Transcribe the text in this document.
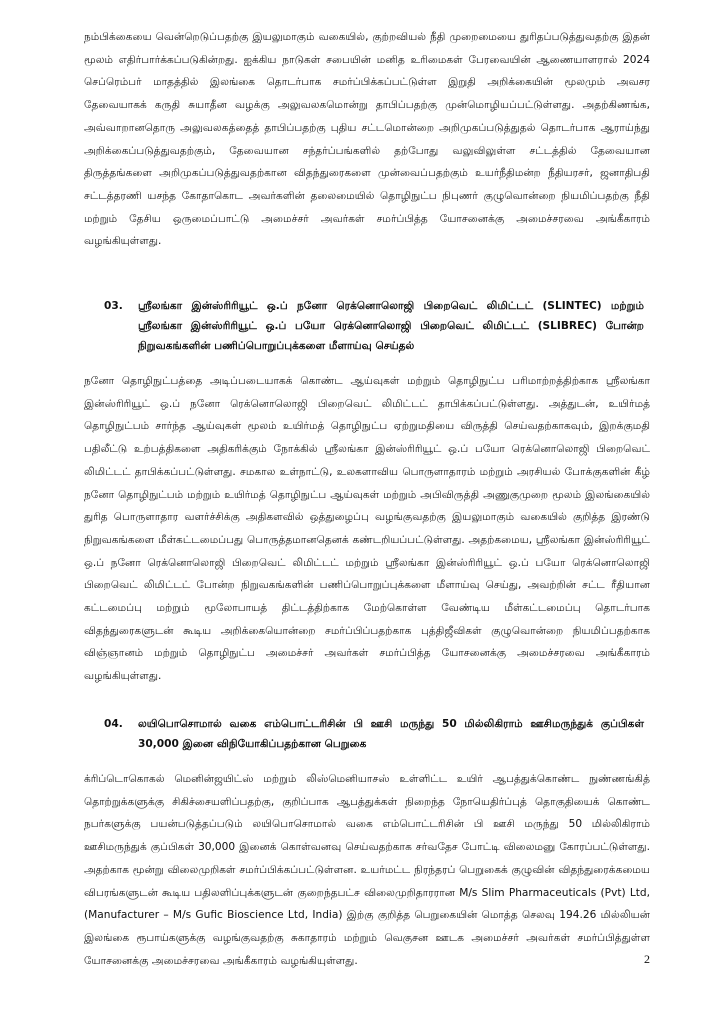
நம்பிக்கையை வென்றெடுப்பதற்கு இயலுமாகும் வகையில், குற்றவியல் நீதி முறைமையை துரிதப்படுத்துவதற்கு இதன் மூலம் எதிர்பார்க்கப்படுகின்றது. ஐக்கிய நாடுகள் சபையின் மனித உரிமைகள் பேரவையின் ஆணையாளரால் 2024 செப்ரெம்பர் மாதத்தில் இலங்கை தொடர்பாக சமர்ப்பிக்கப்பட்டுள்ள இறுதி அறிக்கையின் மூலமும் அவசர தேவையாகக் கருதி சுயாதீன வழக்கு அலுவலகமொன்று தாபிப்பதற்கு முன்மொழியப்பட்டுள்ளது. அதற்கிணங்க, அவ்வாறானதொரு அலுவலகத்தைத் தாபிப்பதற்கு புதிய சட்டமொன்றை அறிமுகப்படுத்துதல் தொடர்பாக ஆராய்ந்து அறிக்கைப்படுத்துவதற்கும், தேவையான சந்தர்ப்பங்களில் தற்போது வலுவிலுள்ள சட்டத்தில் தேவையான திருத்தங்களை அறிமுகப்படுத்துவதற்கான விதந்துரைகளை முன்வைப்பதற்கும் உயர்நீதிமன்ற நீதியரசர், ஜனாதிபதி சட்டத்தரணி யசந்த கோதாகொட அவர்களின் தலைமையில் தொழிநுட்ப நிபுணர் குழுவொன்றை நியமிப்பதற்கு நீதி மற்றும் தேசிய ஒருமைப்பாட்டு அமைச்சர் அவர்கள் சமர்ப்பித்த யோசனைக்கு அமைச்சரவை அங்கீகாரம் வழங்கியுள்ளது.

03.	ஸ்ரீலங்கா இன்ஸ்ரிரியூட் ஒ.ப் நனோ ரெக்னொலொஜி பிறைவெட் லிமிட்டட் (SLINTEC) மற்றும் ஸ்ரீலங்கா இன்ஸ்ரிரியூட் ஒ.ப் பயோ ரெக்னொலொஜி பிறைவெட் லிமிட்டட் (SLIBREC) போன்ற நிறுவகங்களின் பணிப்பொறுப்புக்களை மீளாய்வு செய்தல்

நனோ தொழிநுட்பத்தை அடிப்படையாகக் கொண்ட ஆய்வுகள் மற்றும் தொழிநுட்ப பரிமாற்றத்திற்காக ஸ்ரீலங்கா இன்ஸ்ரிரியூட் ஒ.ப் நனோ ரெக்னொலொஜி பிறைவெட் லிமிட்டட் தாபிக்கப்பட்டுள்ளது. அத்துடன், உயிர்மத் தொழிநுட்பம் சார்ந்த ஆய்வுகள் மூலம் உயிர்மத் தொழிநுட்ப ஏற்றுமதியை விருத்தி செய்வதற்காகவும், இறக்குமதி பதிலீட்டு உற்பத்திகளை அதிகரிக்கும் நோக்கில் ஸ்ரீலங்கா இன்ஸ்ரிரியூட் ஒ.ப் பயோ ரெக்னொலொஜி பிறைவெட் லிமிட்டட் தாபிக்கப்பட்டுள்ளது. சமகால உள்நாட்டு, உலகளாவிய பொருளாதாரம் மற்றும் அரசியல் போக்குகளின் கீழ் நனோ தொழிநுட்பம் மற்றும் உயிர்மத் தொழிநுட்ப ஆய்வுகள் மற்றும் அபிவிருத்தி அணுகுமுறை மூலம் இலங்கையில் துரித பொருளாதார வளர்ச்சிக்கு அதிகளவில் ஒத்துழைப்பு வழங்குவதற்கு இயலுமாகும் வகையில் குறித்த இரண்டு நிறுவகங்களை மீள்கட்டமைப்பது பொருத்தமானதெனக் கண்டறியப்பட்டுள்ளது. அதற்கமைய, ஸ்ரீலங்கா இன்ஸ்ரிரியூட் ஒ.ப் நனோ ரெக்னொலொஜி பிறைவெட் லிமிட்டட் மற்றும் ஸ்ரீலங்கா இன்ஸ்ரிரியூட் ஒ.ப் பயோ ரெக்னொலொஜி பிறைவெட் லிமிட்டட் போன்ற நிறுவகங்களின் பணிப்பொறுப்புக்களை மீளாய்வு செய்து, அவற்றின் சட்ட ரீதியான கட்டமைப்பு மற்றும் மூலோபாயத் திட்டத்திற்காக மேற்கொள்ள வேண்டிய மீள்கட்டமைப்பு தொடர்பாக விதந்துரைகளுடன் கூடிய அறிக்கையொன்றை சமர்ப்பிப்பதற்காக புத்திஜீவிகள் குழுவொன்றை நியமிப்பதற்காக விஞ்ஞானம் மற்றும் தொழிநுட்ப அமைச்சர் அவர்கள் சமர்ப்பித்த யோசனைக்கு அமைச்சரவை அங்கீகாரம் வழங்கியுள்ளது.

04.	லயிபொசொமால் வகை எம்பொட்டரிசின் பி ஊசி மருந்து 50 மில்லிகிராம் ஊசிமருந்துக் குப்பிகள் 30,000 இனை விநியோகிப்பதற்கான பெறுகை

க்ரிப்டொகொகல் மெனின்ஜயிட்ஸ் மற்றும் லிஸ்மெனியாசஸ் உள்ளிட்ட உயிர் ஆபத்துக்கொண்ட நுண்ணங்கித் தொற்றுக்களுக்கு சிகிச்சையளிப்பதற்கு, குறிப்பாக ஆபத்துக்கள் நிறைந்த நோயெதிர்ப்புத் தொகுதியைக் கொண்ட நபர்களுக்கு பயன்படுத்தப்படும் லயிபொசொமால் வகை எம்பொட்டரிசின் பி ஊசி மருந்து 50 மில்லிகிராம் ஊசிமருந்துக் குப்பிகள் 30,000 இனைக் கொள்வனவு செய்வதற்காக சர்வதேச போட்டி விலைமனு கோரப்பட்டுள்ளது. அதற்காக மூன்று விலைமுறிகள் சமர்ப்பிக்கப்பட்டுள்ளன. உயர்மட்ட நிரந்தரப் பெறுகைக் குழுவின் விதந்துரைக்கமைய விபரங்களுடன் கூடிய பதிலளிப்புக்களுடன் குறைந்தபட்ச விலைமுறிதாரரான M/s Slim Pharmaceuticals (Pvt) Ltd, (Manufacturer – M/s Gufic Bioscience Ltd, India) இற்கு குறித்த பெறுகையின் மொத்த செலவு 194.26 மில்லியன் இலங்கை ரூபாய்களுக்கு வழங்குவதற்கு சுகாதாரம் மற்றும் வெகுசன ஊடக அமைச்சர் அவர்கள் சமர்ப்பித்துள்ள யோசனைக்கு அமைச்சரவை அங்கீகாரம் வழங்கியுள்ளது.	2
